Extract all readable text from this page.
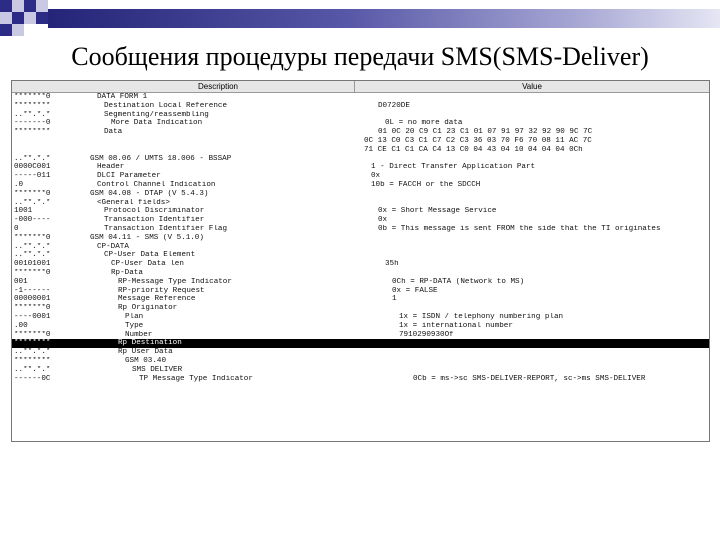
Сообщения процедуры передачи SMS(SMS-Deliver)
Description	Value
*******0	DATA FORM 1
********	Destination Local Reference	D0720DE
..**.*.*	Segmenting/reassembling
-------0	More Data Indication	0L = no more data
********	Data	01 0C 20 C9 C1 23 C1 01 07 91 97 32 92 90 9C 7C
0C 13 C0 C3 C1 C7 C2 C3 36 03 70 F6 70 08 11 AC 7C
71 CE C1 C1 CA C4 13 C0 04 43 04 10 04 04 04 0Ch
..**.*.*	GSM 08.06 / UMTS 18.006 - BSSAP
0000C001	Header	1 - Direct Transfer Application Part
-----011	DLCI Parameter	0x
.0	Control Channel Indication	10b = FACCH or the SDCCH
*******0	GSM 04.08 - DTAP (V 5.4.3)
..**.*.*	<General fields>
1001	Protocol Discriminator	0x = Short Message Service
-000----	Transaction Identifier	0x
0	Transaction Identifier Flag	0b = This message is sent FROM the side that the TI originates
*******0	GSM 04.11 - SMS (V 5.1.0)
..**.*.*	CP-DATA
..**.*.*	CP-User Data Element
00101001	CP-User Data len	35h
*******0	Rp-Data
001	RP-Message Type Indicator	0Ch = RP-DATA (Network to MS)
-1------	RP-priority Request	0x = FALSE
00000001	Message Reference	1
*******0	Rp Originator
----0001	Plan	1x = ISDN / telephony numbering plan
.00	Type	1x = international number
*******0	Number	7910290930Of
********	Rp Destination
..**.*.*	Rp User Data
********	GSM 03.40
..**.*.*	SMS DELIVER
------0C	TP Message Type Indicator	0Cb = ms->sc SMS-DELIVER-REPORT, sc->ms SMS-DELIVER
